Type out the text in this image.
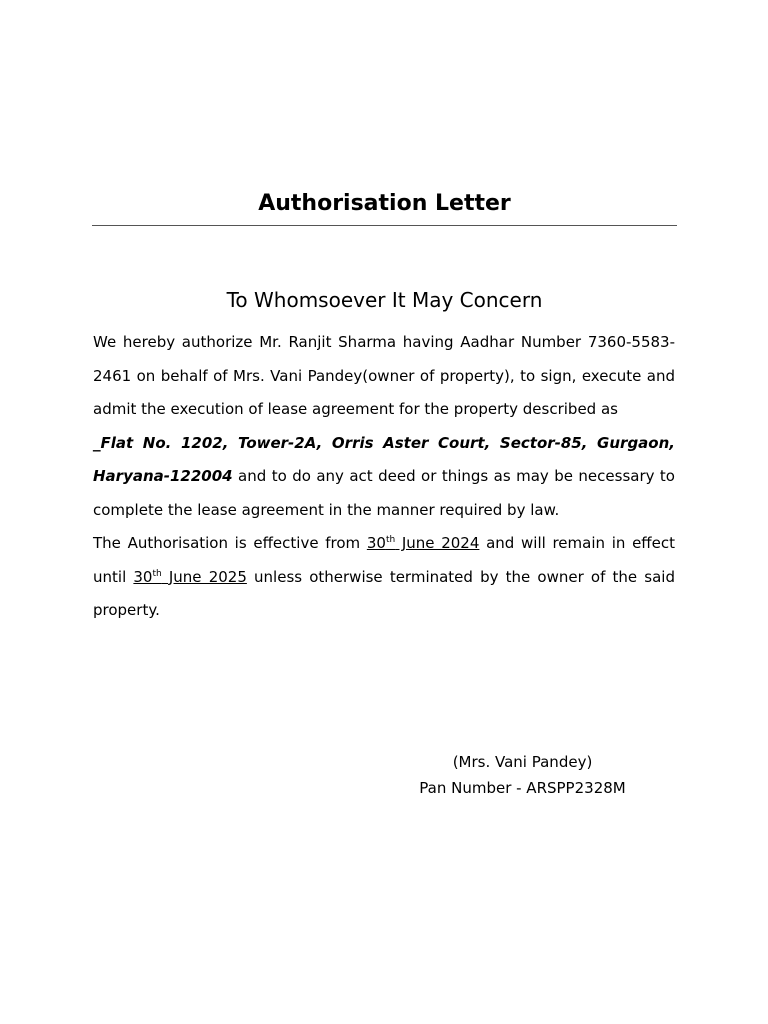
Authorisation Letter
To Whomsoever It May Concern

We hereby authorize Mr. Ranjit Sharma having Aadhar Number 7360-5583-2461 on behalf of Mrs. Vani Pandey(owner of property), to sign, execute and admit the execution of lease agreement for the property described as
_Flat No. 1202, Tower-2A, Orris Aster Court, Sector-85, Gurgaon, Haryana-122004 and to do any act deed or things as may be necessary to complete the lease agreement in the manner required by law.

The Authorisation is effective from 30th June 2024 and will remain in effect until 30th June 2025 unless otherwise terminated by the owner of the said property.

(Mrs. Vani Pandey)
Pan Number - ARSPP2328M
